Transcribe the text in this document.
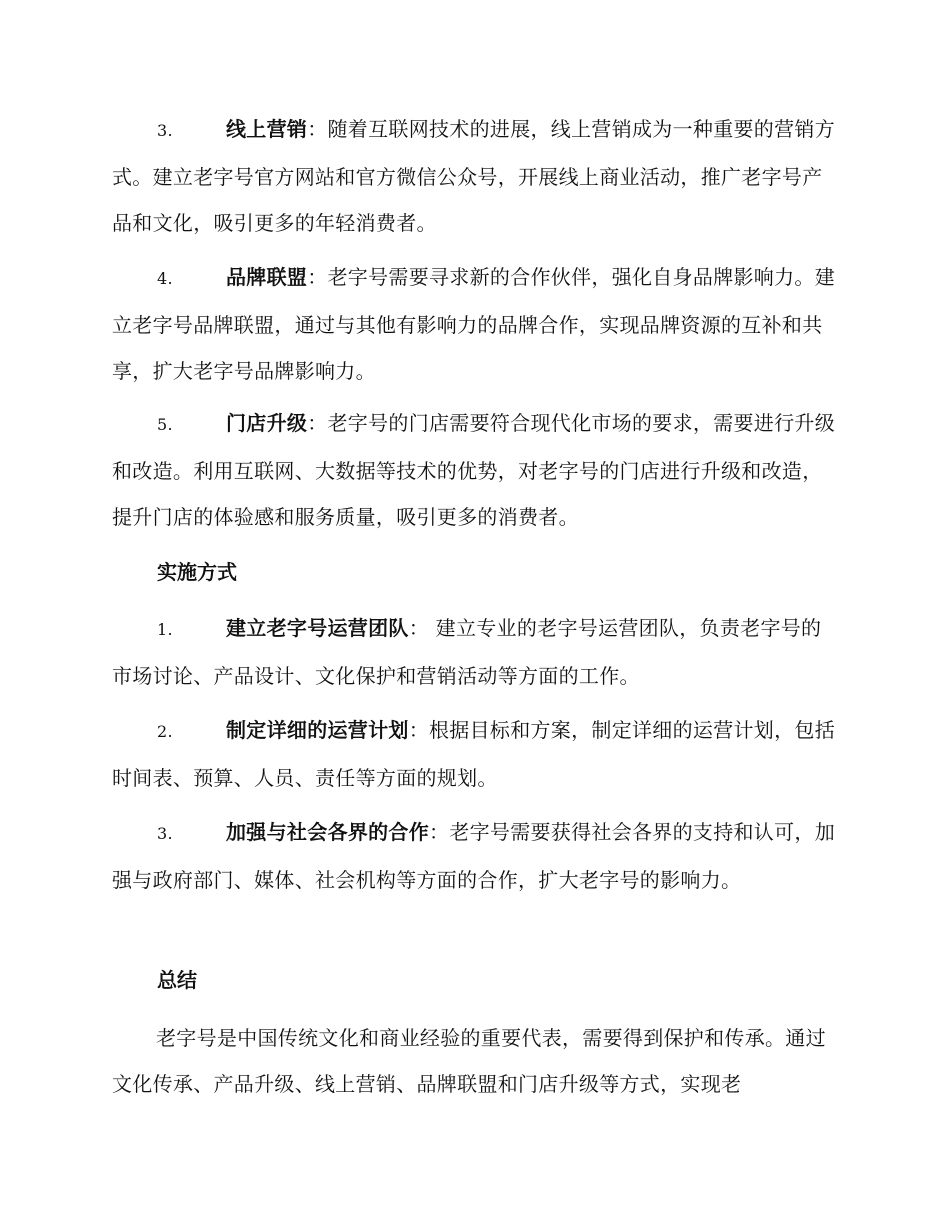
3.	线上营销：随着互联网技术的进展，线上营销成为一种重要的营销方式。建立老字号官方网站和官方微信公众号，开展线上商业活动，推广老字号产品和文化，吸引更多的年轻消费者。

4.	品牌联盟：老字号需要寻求新的合作伙伴，强化自身品牌影响力。建立老字号品牌联盟，通过与其他有影响力的品牌合作，实现品牌资源的互补和共享，扩大老字号品牌影响力。

5.	门店升级：老字号的门店需要符合现代化市场的要求，需要进行升级和改造。利用互联网、大数据等技术的优势，对老字号的门店进行升级和改造，提升门店的体验感和服务质量，吸引更多的消费者。

实施方式

1.	建立老字号运营团队： 建立专业的老字号运营团队，负责老字号的市场讨论、产品设计、文化保护和营销活动等方面的工作。

2.	制定详细的运营计划：根据目标和方案，制定详细的运营计划，包括时间表、预算、人员、责任等方面的规划。

3.	加强与社会各界的合作：老字号需要获得社会各界的支持和认可，加强与政府部门、媒体、社会机构等方面的合作，扩大老字号的影响力。

总结

老字号是中国传统文化和商业经验的重要代表，需要得到保护和传承。通过文化传承、产品升级、线上营销、品牌联盟和门店升级等方式，实现老
